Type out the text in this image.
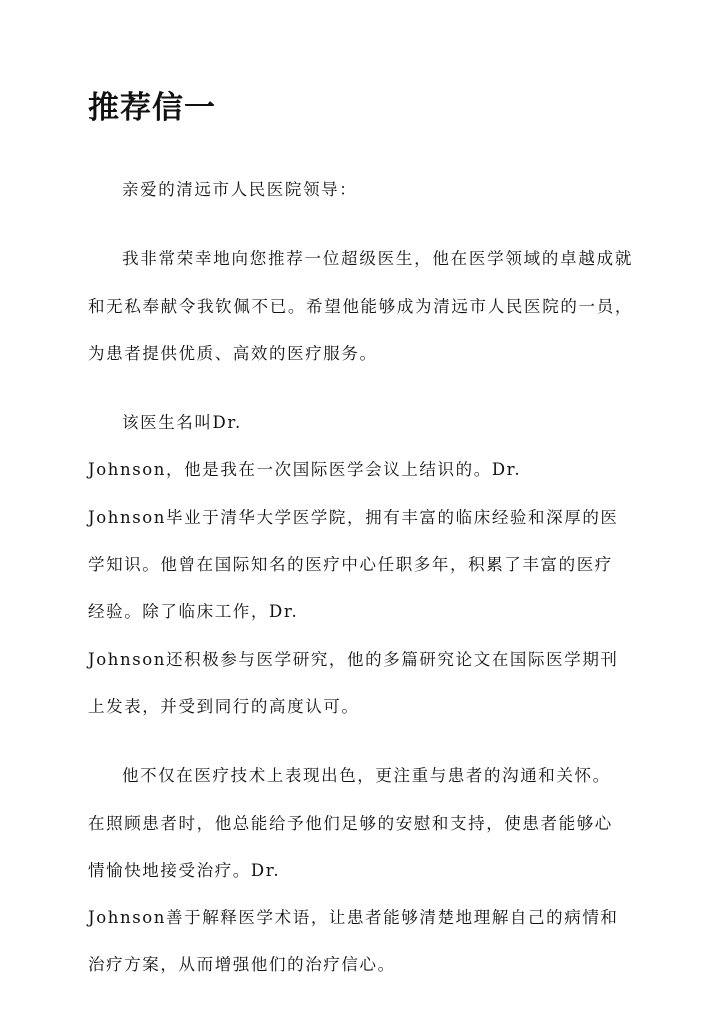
推荐信一

亲爱的清远市人民医院领导：

我非常荣幸地向您推荐一位超级医生，他在医学领域的卓越成就和无私奉献令我钦佩不已。希望他能够成为清远市人民医院的一员，为患者提供优质、高效的医疗服务。

该医生名叫Dr.
Johnson，他是我在一次国际医学会议上结识的。Dr.
Johnson毕业于清华大学医学院，拥有丰富的临床经验和深厚的医
学知识。他曾在国际知名的医疗中心任职多年，积累了丰富的医疗
经验。除了临床工作，Dr.
Johnson还积极参与医学研究，他的多篇研究论文在国际医学期刊
上发表，并受到同行的高度认可。

他不仅在医疗技术上表现出色，更注重与患者的沟通和关怀。
在照顾患者时，他总能给予他们足够的安慰和支持，使患者能够心
情愉快地接受治疗。Dr.
Johnson善于解释医学术语，让患者能够清楚地理解自己的病情和
治疗方案，从而增强他们的治疗信心。
